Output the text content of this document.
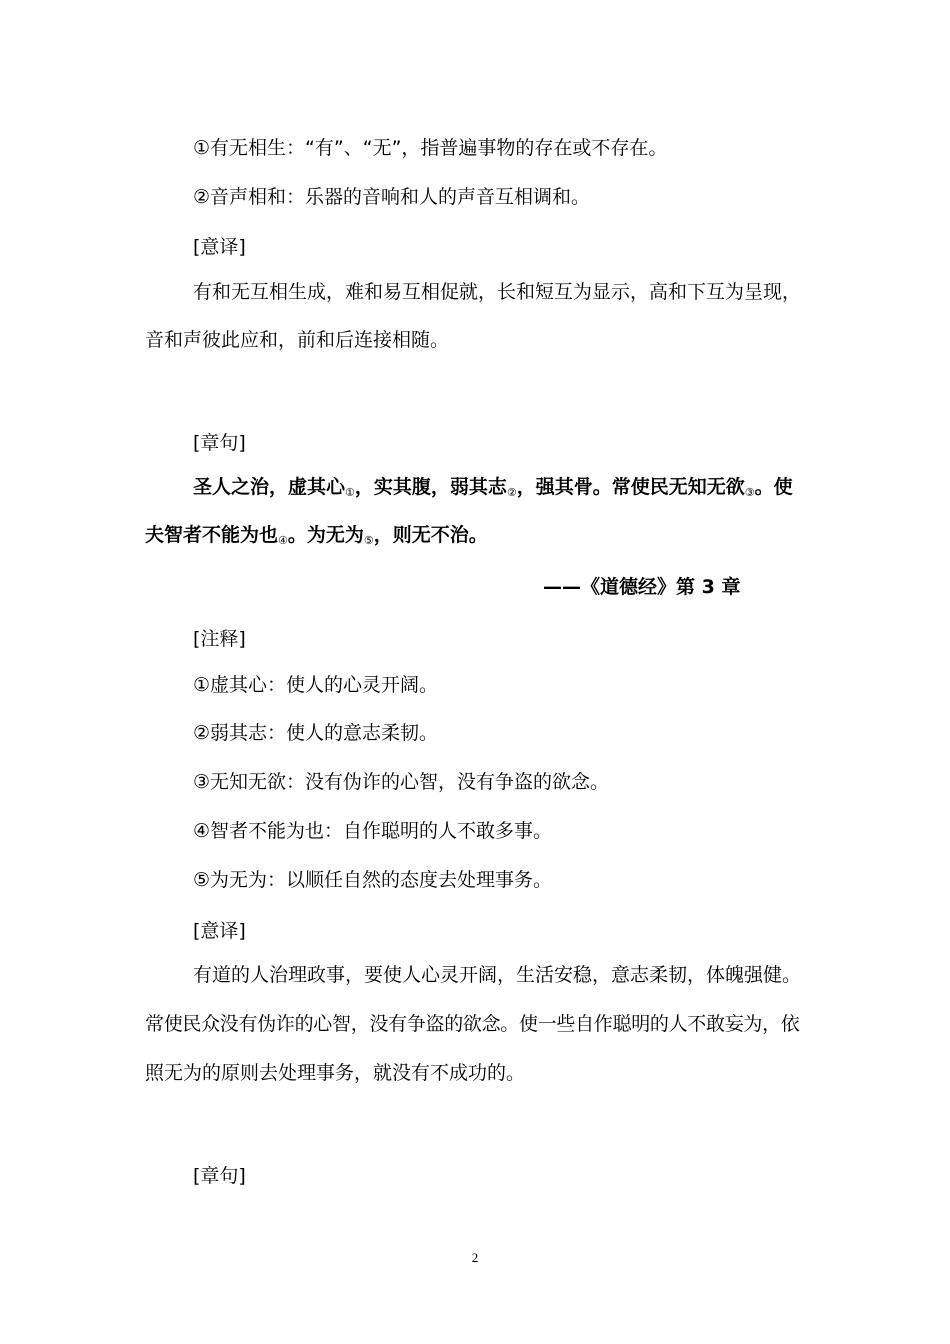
①有无相生：“有”、“无”，指普遍事物的存在或不存在。
②音声相和：乐器的音响和人的声音互相调和。
[意译]
有和无互相生成，难和易互相促就，长和短互为显示，高和下互为呈现，
音和声彼此应和，前和后连接相随。
[章句]
圣人之治，虚其心$_①$，实其腹，弱其志$_②$，强其骨。常使民无知无欲$_③$。使
夫智者不能为也$_④$。为无为$_⑤$，则无不治。
——《道德经》第 3 章
[注释]
①虚其心：使人的心灵开阔。
②弱其志：使人的意志柔韧。
③无知无欲：没有伪诈的心智，没有争盗的欲念。
④智者不能为也：自作聪明的人不敢多事。
⑤为无为：以顺任自然的态度去处理事务。
[意译]
有道的人治理政事，要使人心灵开阔，生活安稳，意志柔韧，体魄强健。
常使民众没有伪诈的心智，没有争盗的欲念。使一些自作聪明的人不敢妄为，依
照无为的原则去处理事务，就没有不成功的。
[章句]
2
